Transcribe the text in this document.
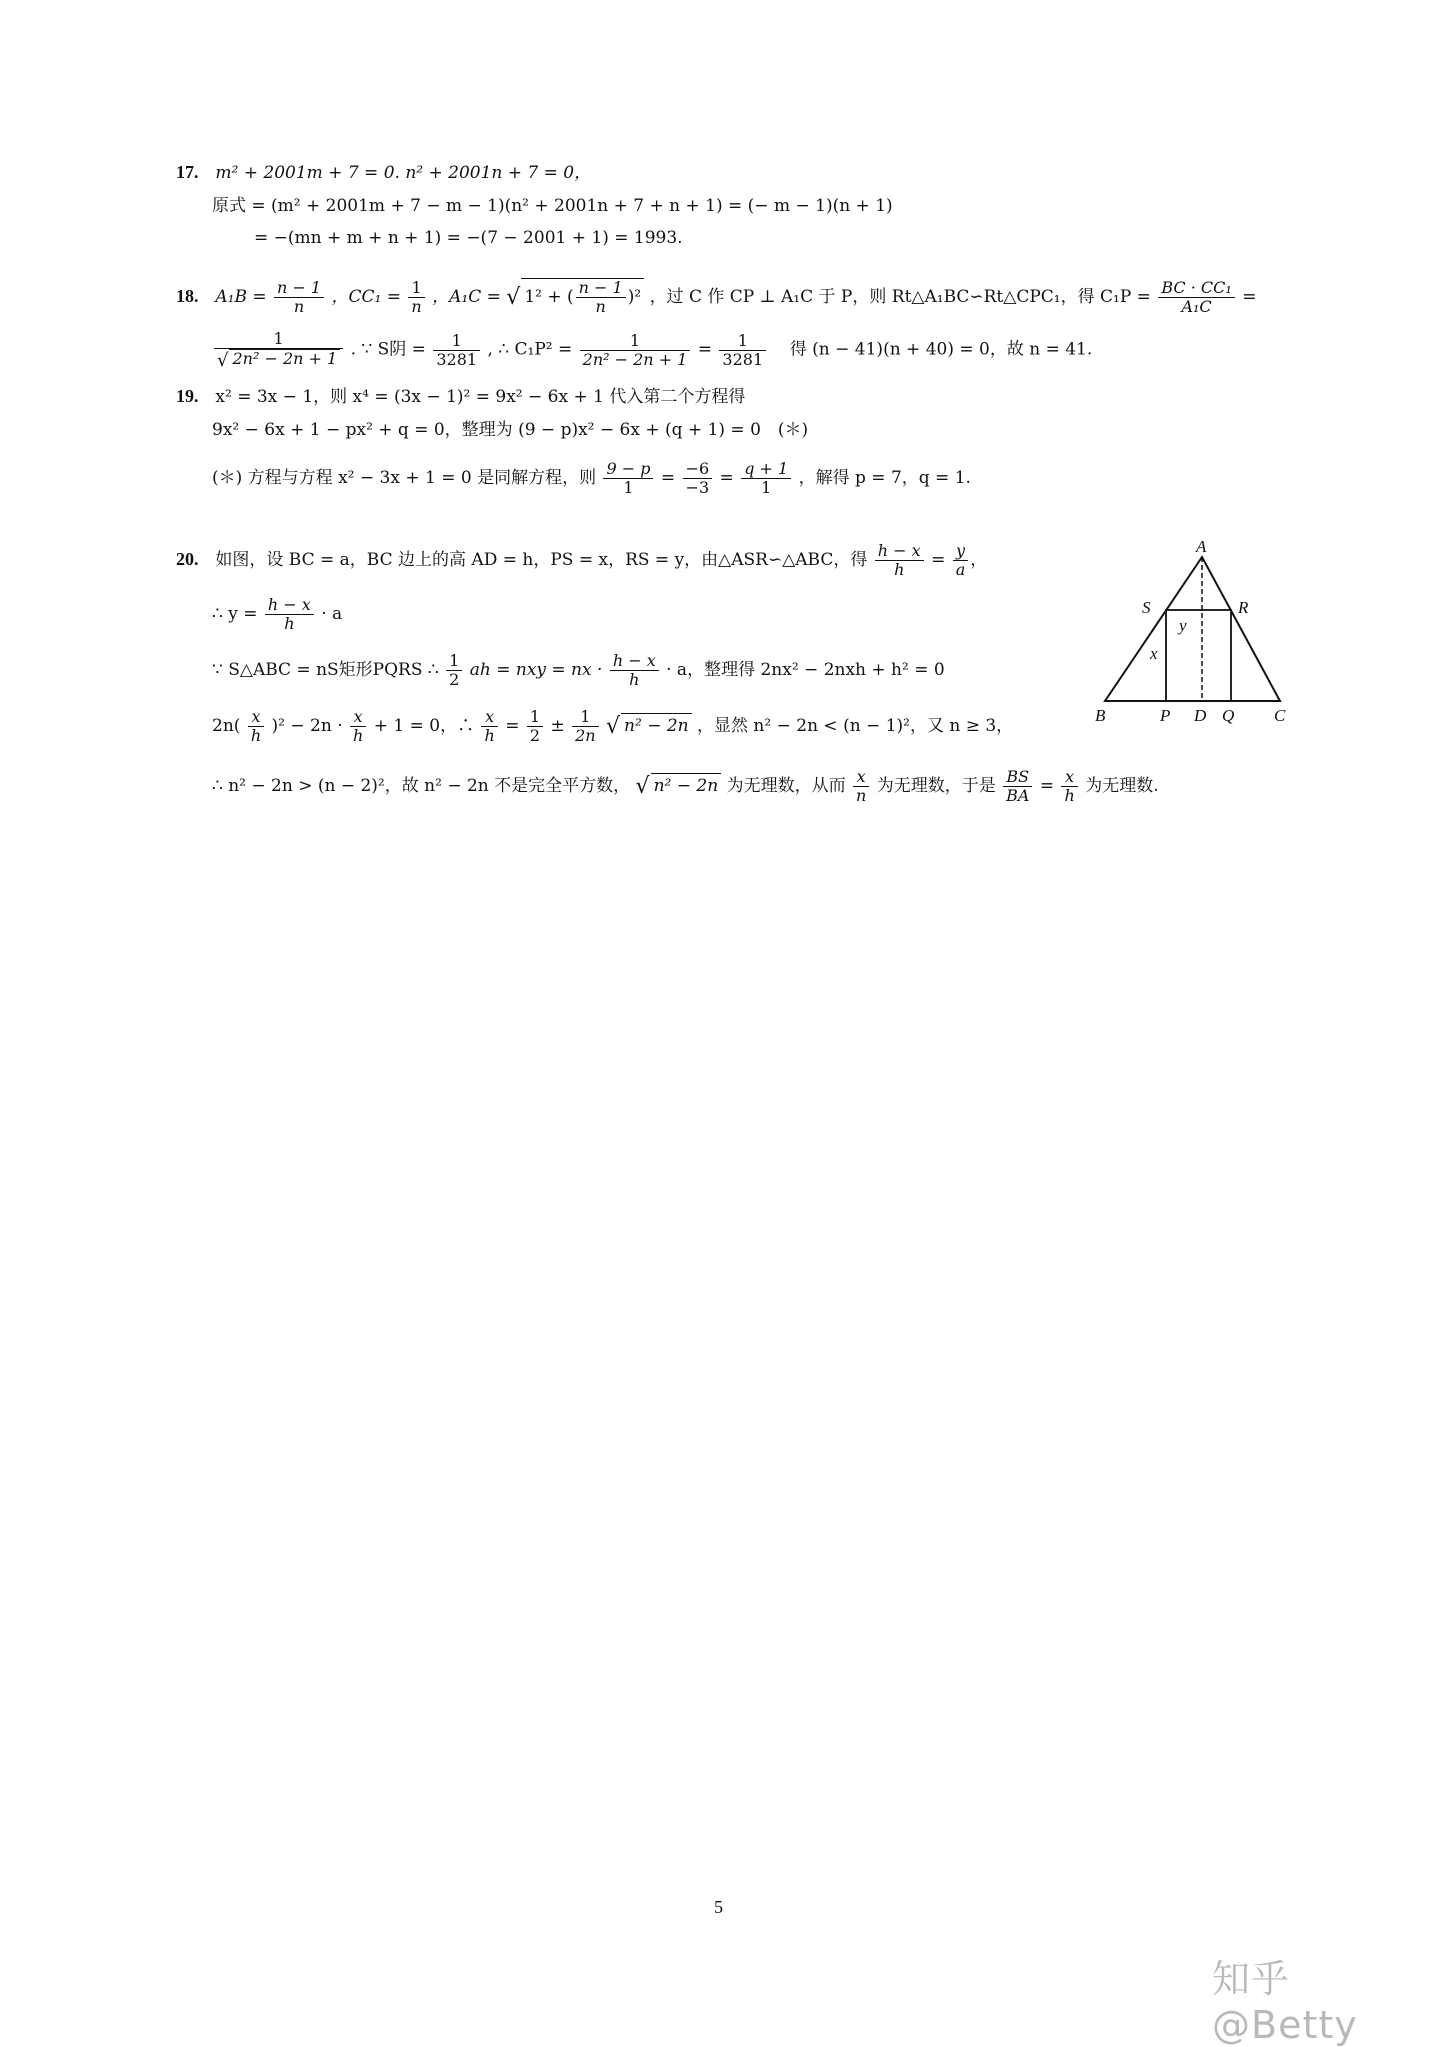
17. m² + 2001m + 7 = 0. n² + 2001n + 7 = 0，
原式 = (m² + 2001m + 7 − m − 1)(n² + 2001n + 7 + n + 1) = (− m − 1)(n + 1)
= −(mn + m + n + 1) = −(7 − 2001 + 1) = 1993.
18. $A_1B = \frac{n - 1}{n}$ ，$CC_1 = \frac{1}{n}$ ，A₁C = √ 1² + ( $\frac{n - 1}{n} )^2$ ，过 C 作 CP ⊥ A₁C 于 P，则 Rt△A₁BC∽Rt△CPC₁，得 $C_1P = \frac{\text{BC · CC₁}}{\text{A₁C}}$ =
$\frac{1}{\text{√ 2n² − 2n + 1}}$ . ∵ S阴 = $\frac{1}{3281}$ , ∴ $C_1P^2 = \frac{1}{\text{2n² − 2n + 1}} = \frac{1}{3281}$ 得 (n − 41)(n + 40) = 0，故 n = 41.
19. x² = 3x − 1，则 x⁴ = (3x − 1)² = 9x² − 6x + 1 代入第二个方程得
9x² − 6x + 1 − px² + q = 0，整理为 (9 − p)x² − 6x + (q + 1) = 0　(＊)
(＊) 方程与方程 x² − 3x + 1 = 0 是同解方程，则 $\frac{9 - p}{1} = \frac{-6}{-3} = \frac{q + 1}{1}$ ，解得 p = 7，q = 1.
20. 如图，设 BC = a，BC 边上的高 AD = h，PS = x，RS = y，由△ASR∽△ABC，得 $\frac{h - x}{h} = \frac{y}{a}$ ，
∴ $y = \frac{h - x}{h} \cdot a$
∵ S△ABC = nS矩形PQRS ∴ $\frac{1}{2}$ ah = nxy = nx · $\frac{h - x}{h} \cdot a$，整理得 2nx² − 2nxh + h² = 0
$2n( \frac{x}{h} )^2 - 2n \cdot \frac{x}{h} + 1 = 0$，∴ $\frac{x}{h} = \frac{1}{2} \pm \frac{1}{2n}$ √ n² − 2n ，显然 n² − 2n < (n − 1)²，又 n ≥ 3，
∴ n² − 2n > (n − 2)²，故 n² − 2n 不是完全平方数， √ n² − 2n 为无理数，从而 $\frac{x}{n}$ 为无理数，于是 $\frac{BS}{BA} = \frac{x}{h}$ 为无理数.
A
S	R
y
x
B	P D Q C
5
知乎 @Betty
